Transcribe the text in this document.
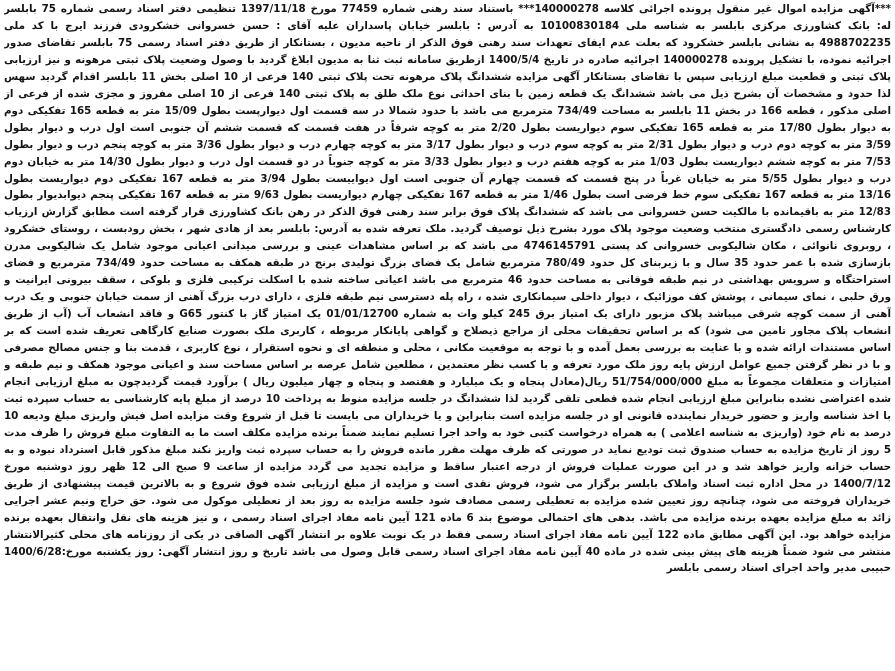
***آگهی مزایده اموال غیر منقول پرونده اجرائی کلاسه 140000278*** باستناد سند رهنی شماره 77459 مورخ 1397/11/18 تنظیمی دفتر اسناد رسمی شماره 75 بابلسر له: بانک کشاورزی مرکزی بابلسر به شناسه ملی 10100830184 به آدرس : بابلسر خیابان پاسداران علیه آقای : حسن خسروانی خشکرودی فرزند ایرج با کد ملی 4988702235 به نشانی بابلسر خشکرود که بعلت عدم ایفای تعهدات سند رهنی فوق الذکر از ناحیه مدیون ، بستانکار از طریق دفتر اسناد رسمی 75 بابلسر تقاضای صدور اجرائیه نموده، با تشکیل پرونده 140000278 اجرائیه صادره در تاریخ 1400/5/4 ازطریق سامانه ثبت ثنا به مدیون ابلاغ گردید با وصول وضعیت پلاک ثبتی مرهونه و نیز ارزیابی پلاک ثبتی و قطعیت مبلغ ارزیابی سپس با تقاضای بستانکار آگهی مزایده ششدانگ پلاک مرهونه تحت پلاک ثبتی 140 فرعی از 10 اصلی بخش 11 بابلسر اقدام گردید سهس لذا حدود و مشخصات آن بشرح ذیل می باشد ششدانگ یک قطعه زمین با بنای احداثی نوع ملک طلق به پلاک ثبتی 140 فرعی از 10 اصلی مفروز و مجزی شده از فرعی از اصلی مذکور ، قطعه 166 در بخش 11 بابلسر به مساحت 734/49 مترمربع می باشد با حدود شمالا در سه قسمت اول دیوارپست بطول 15/09 متر به قطعه 165 تفکیکی دوم به دیوار بطول 17/80 متر به قطعه 165 تفکیکی سوم دیواریست بطول 2/20 متر به کوچه شرقاً در هفت قسمت که قسمت ششم آن جنوبی است اول درب و دیوار بطول 3/59 متر به کوچه دوم درب و دیوار بطول 2/31 متر به کوچه سوم درب و دیوار بطول 3/17 متر به کوچه چهارم درب و دیوار بطول 3/36 متر به کوچه پنجم درب و دیوار بطول 7/53 متر به کوچه ششم دیواریست بطول 1/03 متر به کوچه هفتم درب و دیوار بطول 3/33 متر به کوچه جنوباً در دو قسمت اول درب و دیوار بطول 14/30 متر به خیابان دوم درب و دیوار بطول 5/55 متر به خیابان غرباً در پنج قسمت که قسمت چهارم آن جنوبی است اول دیواییست بطول 3/94 متر به قطعه 167 تفکیکی دوم دیواریست بطول 13/16 متر به قطعه 167 تفکیکی سوم خط فرضی است بطول 1/46 متر به قطعه 167 تفکیکی چهارم دیواریست بطول 9/63 متر به قطعه 167 تفکیکی پنجم دیوابدیوار بطول 12/83 متر به باقیمانده با مالکیت حسن خسروانی می باشد که ششدانگ پلاک فوق برابر سند رهنی فوق الذکر در رهن بانک کشاورزی قرار گرفته است مطابق گزارش ارزیاب کارشناس رسمی دادگستری منتخب وضعیت موجود پلاک مورد بشرح ذیل توصیف گردید. ملک تعرفه شده به آدرس: بابلسر بعد از هادی شهر ، بخش رودبست ، روستای خشکرود ، روبروی نانوائی ، مکان شالیکوبی خسروانی کد پستی 4746145791 می باشد که بر اساس مشاهدات عینی و بررسی میدانی اعیانی موجود شامل یک شالیکوبی مدرن بازسازی شده با عمر حدود 35 سال و با زیربنای کل حدود 780/49 مترمربع شامل یک فضای بزرگ تولیدی برنج در طبقه همکف به مساحت حدود 734/49 مترمربع و فضای استراحتگاه و سرویس بهداشتی در نیم طبقه فوقانی به مساحت حدود 46 مترمربع می باشد اعیانی ساخته شده با اسکلت ترکیبی فلزی و بلوکی ، سقف بیرونی ایرانیت و ورق حلبی ، نمای سیمانی ، پوشش کف موزائیک ، دیوار داخلی سیمانکاری شده ، راه پله دسترسی نیم طبقه فلزی ، دارای درب بزرگ آهنی از سمت خیابان جنوبی و یک درب آهنی از سمت کوچه شرقی میباشد پلاک مزبور دارای یک امتیاز برق 245 کیلو وات به شماره 01/01/12700 یک امتیاز گاز با کنتور G65 و فاقد انشعاب آب (آب از طریق انشعاب پلاک مجاور تامین می شود) که بر اساس تحقیقات محلی از مراجع ذیصلاح و گواهی پایانکار مربوطه ، کاربری ملک بصورت صنایع کارگاهی تعریف شده است که بر اساس مستندات ارائه شده و با عنایت به بررسی بعمل آمده و با توجه به موقعیت مکانی ، محلی و منطقه ای و نحوه استقرار ، نوع کاربری ، قدمت بنا و جنس مصالح مصرفی و با در نظر گرفتن جمیع عوامل ارزش پایه روز ملک مورد تعرفه و با کسب نظر معتمدین ، مطلعین شامل عرصه بر اساس مساحت سند و اعیانی موجود همکف و نیم طبقه و امتیازات و متعلقات مجموعاً به مبلغ 51/754/000/000 ریال(معادل پنجاه و یک میلیارد و هفتصد و پنجاه و چهار میلیون ریال ) برآورد قیمت گردیدچون به مبلغ ارزیابی انجام شده اعتراضی نشده بنابراین مبلغ ارزیابی انجام شده قطعی تلقی گردید لذا ششدانگ در جلسه مزایده منوط به پرداخت 10 درصد از مبلغ پایه کارشناسی به حساب سپرده ثبت با اخذ شناسه واریز و حضور خریدار نمایندده قانونی او در جلسه مزایده است بنابراین و یا خریداران می بایست تا قبل از شروع وقت مزایده اصل فیش واریزی مبلغ ودیعه 10 درصد به نام خود (واریزی به شناسه اعلامی ) به همراه درخواست کتبی خود به واحد اجرا تسلیم نمایند ضمناً برنده مزایده مکلف است ما به التفاوت مبلغ فروش را ظرف مدت 5 روز از تاریخ مزایده به حساب صندوق ثبت تودیع نماید در صورتی که ظرف مهلت مقرر مانده فروش را به حساب سپرده ثبت واریز نکند مبلغ مذکور قابل استرداد نبوده و به حساب خزانه واریز خواهد شد و در این صورت عملیات فروش از درجه اعتبار ساقط و مزایده تجدید می گردد مزایده از ساعت 9 صبح الی 12 ظهر روز دوشنبه مورخ 1400/7/12 در محل اداره ثبت اسناد واملاک بابلسر برگزار می شود، فروش نقدی است و مزایده از مبلغ ارزیابی شده فوق شروع و به بالاترین قیمت پیشنهادی از طریق خریداران فروخته می شود، چنانچه روز تعیین شده مزایده به تعطیلی رسمی مصادف شود جلسه مزایده به روز بعد از تعطیلی موکول می شود. حق حراج ونیم عشر اجرایی زائد به مبلغ مزایده بعهده برنده مزایده می باشد. بدهی های احتمالی موضوع بند 6 ماده 121 آیین نامه مفاد اجرای اسناد رسمی ، و نیز هزینه های نقل وانتقال بعهده برنده مزایده خواهد بود. این آگهی مطابق ماده 122 آیین نامه مفاد اجرای اسناد رسمی فقط در یک نوبت علاوه بر انتشار آگهی الصاقی در یکی از روزنامه های محلی کثیرالانتشار منتشر می شود ضمناً هزینه های پیش بینی شده در ماده 40 آیین نامه مفاد اجرای اسناد رسمی قابل وصول می باشد تاریخ و روز انتشار آگهی: روز یکشنبه مورخ:1400/6/28 حبیبی مدیر واحد اجرای اسناد رسمی بابلسر
